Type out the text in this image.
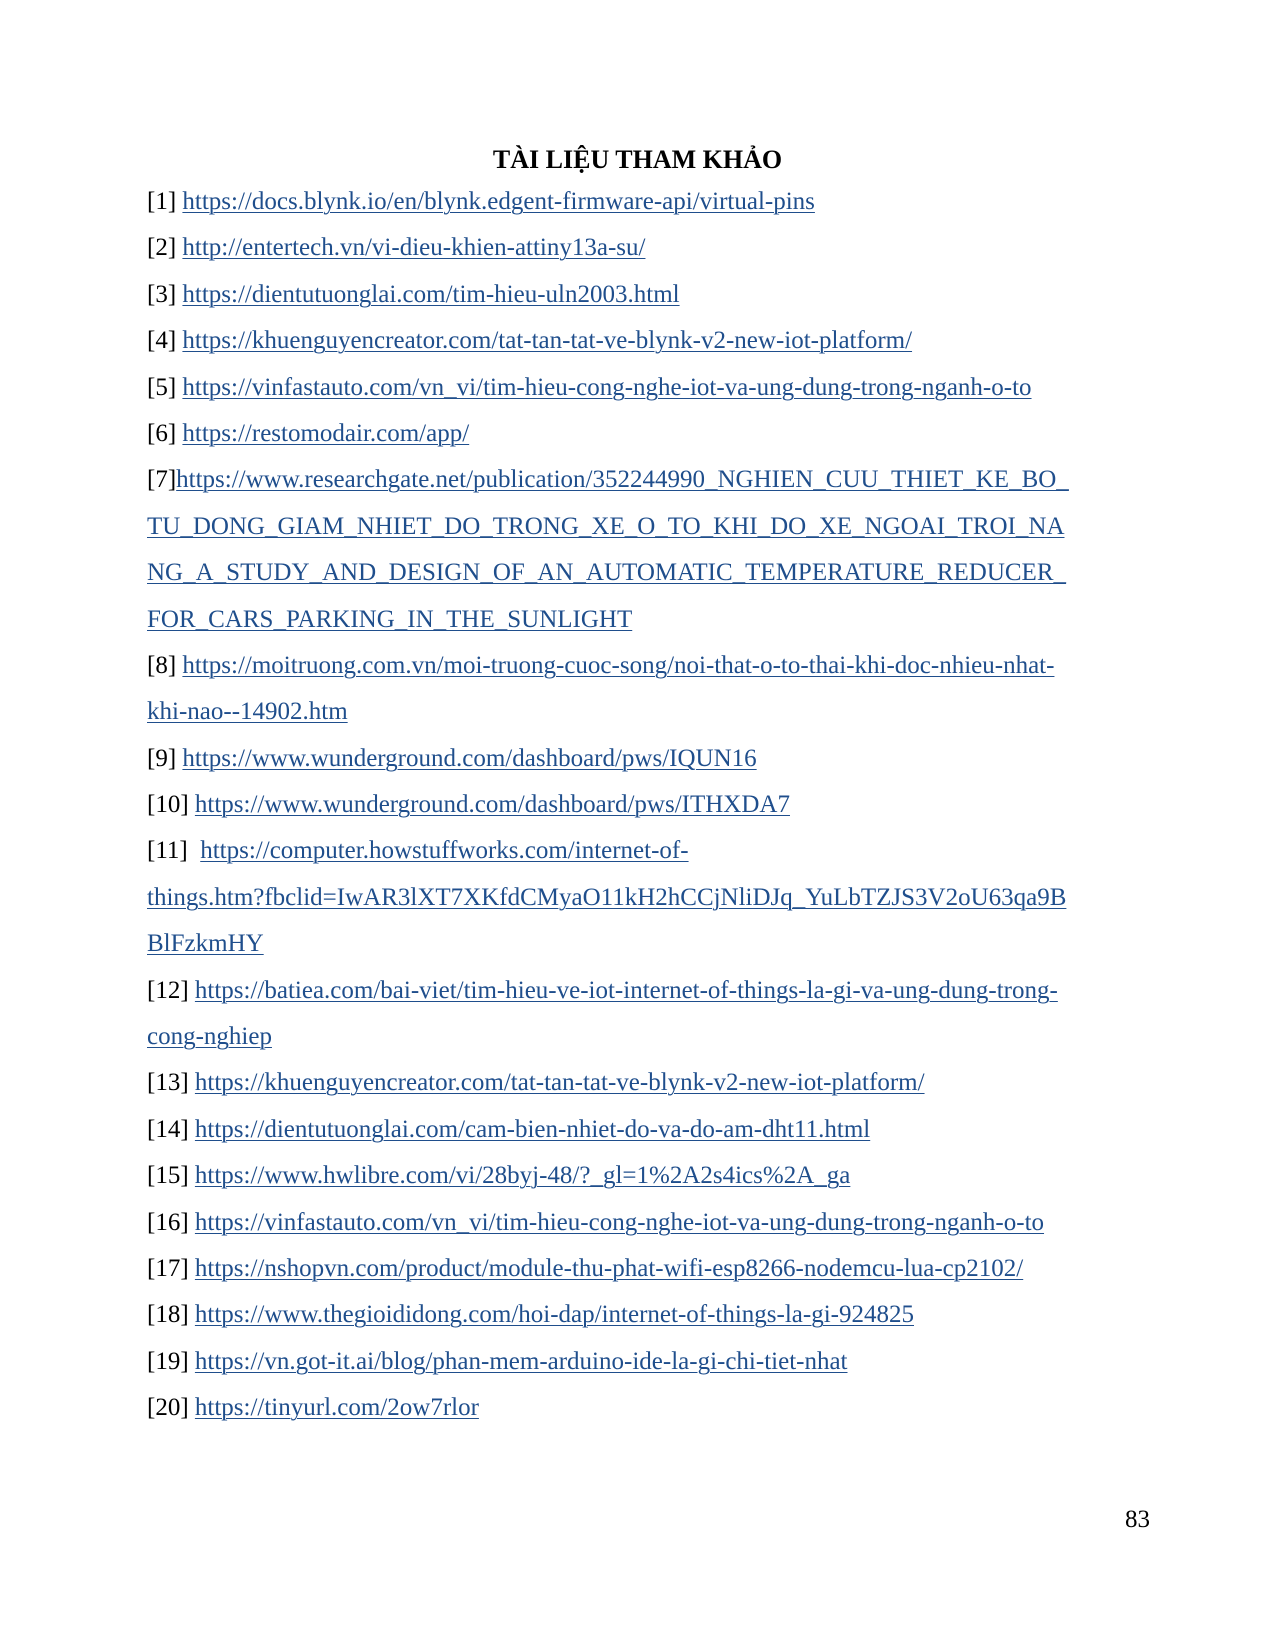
TÀI LIỆU THAM KHẢO
[1] https://docs.blynk.io/en/blynk.edgent-firmware-api/virtual-pins
[2] http://entertech.vn/vi-dieu-khien-attiny13a-su/
[3] https://dientutuonglai.com/tim-hieu-uln2003.html
[4] https://khuenguyencreator.com/tat-tan-tat-ve-blynk-v2-new-iot-platform/
[5] https://vinfastauto.com/vn_vi/tim-hieu-cong-nghe-iot-va-ung-dung-trong-nganh-o-to
[6] https://restomodair.com/app/
[7]https://www.researchgate.net/publication/352244990_NGHIEN_CUU_THIET_KE_BO_
TU_DONG_GIAM_NHIET_DO_TRONG_XE_O_TO_KHI_DO_XE_NGOAI_TROI_NA
NG_A_STUDY_AND_DESIGN_OF_AN_AUTOMATIC_TEMPERATURE_REDUCER_
FOR_CARS_PARKING_IN_THE_SUNLIGHT
[8] https://moitruong.com.vn/moi-truong-cuoc-song/noi-that-o-to-thai-khi-doc-nhieu-nhat-
khi-nao--14902.htm
[9] https://www.wunderground.com/dashboard/pws/IQUN16
[10] https://www.wunderground.com/dashboard/pws/ITHXDA7
[11] https://computer.howstuffworks.com/internet-of-
things.htm?fbclid=IwAR3lXT7XKfdCMyaO11kH2hCCjNliDJq_YuLbTZJS3V2oU63qa9B
BlFzkmHY
[12] https://batiea.com/bai-viet/tim-hieu-ve-iot-internet-of-things-la-gi-va-ung-dung-trong-
cong-nghiep
[13] https://khuenguyencreator.com/tat-tan-tat-ve-blynk-v2-new-iot-platform/
[14] https://dientutuonglai.com/cam-bien-nhiet-do-va-do-am-dht11.html
[15] https://www.hwlibre.com/vi/28byj-48/?_gl=1%2A2s4ics%2A_ga
[16] https://vinfastauto.com/vn_vi/tim-hieu-cong-nghe-iot-va-ung-dung-trong-nganh-o-to
[17] https://nshopvn.com/product/module-thu-phat-wifi-esp8266-nodemcu-lua-cp2102/
[18] https://www.thegioididong.com/hoi-dap/internet-of-things-la-gi-924825
[19] https://vn.got-it.ai/blog/phan-mem-arduino-ide-la-gi-chi-tiet-nhat
[20] https://tinyurl.com/2ow7rlor
83
